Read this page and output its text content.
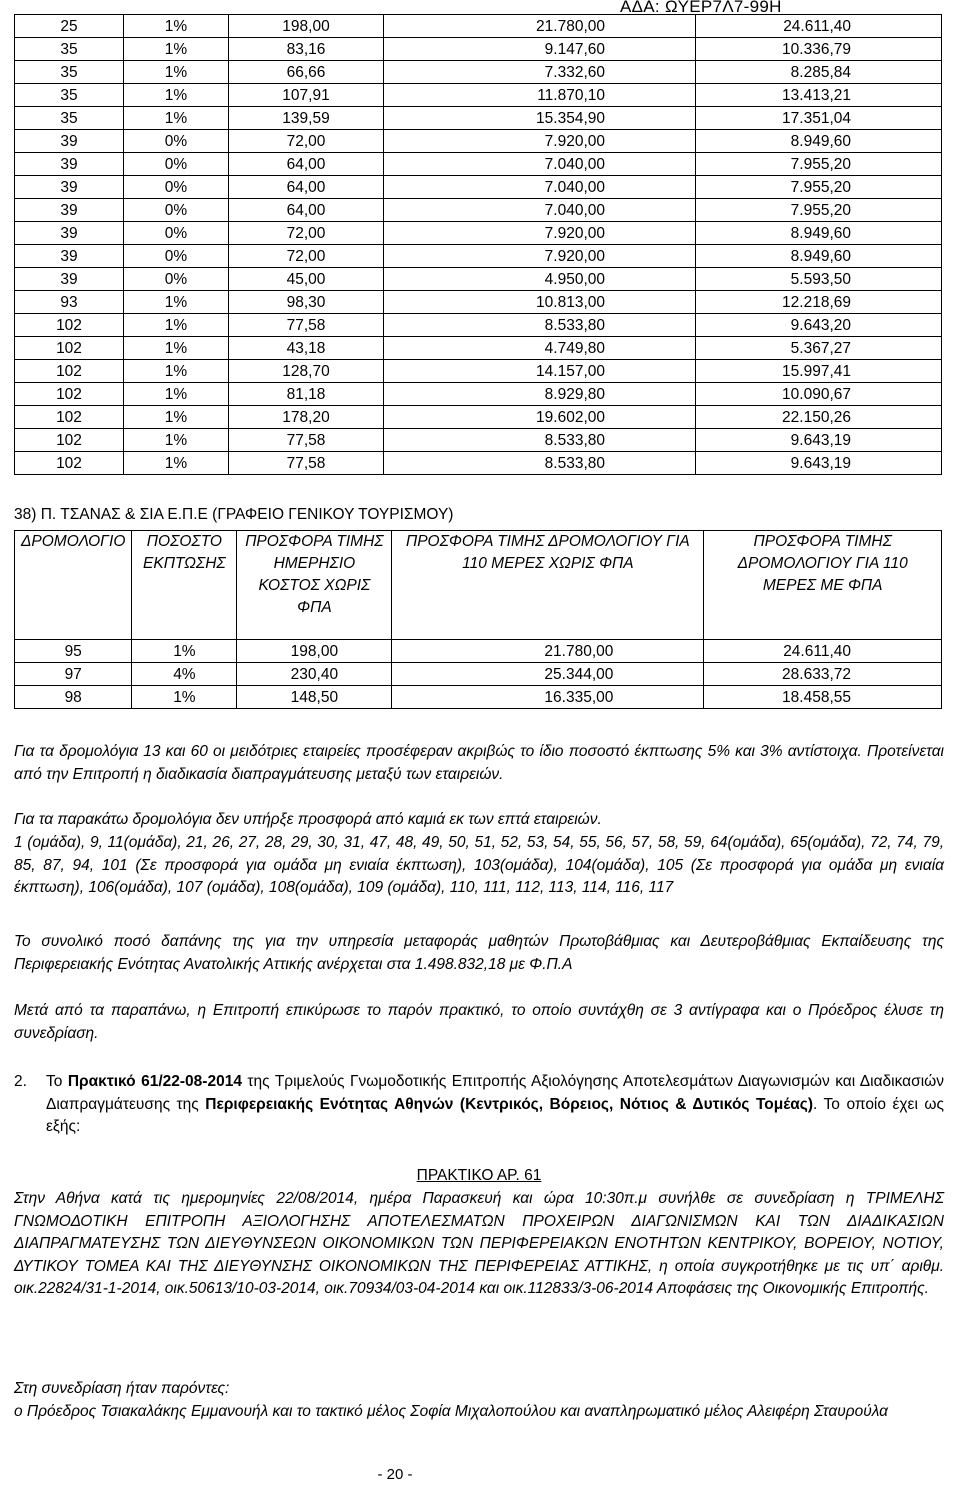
ΑΔΑ: ΩΥΕΡ7Λ7-99Η
25	1%	198,00	21.780,00	24.611,40
35	1%	83,16	9.147,60	10.336,79
35	1%	66,66	7.332,60	8.285,84
35	1%	107,91	11.870,10	13.413,21
35	1%	139,59	15.354,90	17.351,04
39	0%	72,00	7.920,00	8.949,60
39	0%	64,00	7.040,00	7.955,20
39	0%	64,00	7.040,00	7.955,20
39	0%	64,00	7.040,00	7.955,20
39	0%	72,00	7.920,00	8.949,60
39	0%	72,00	7.920,00	8.949,60
39	0%	45,00	4.950,00	5.593,50
93	1%	98,30	10.813,00	12.218,69
102	1%	77,58	8.533,80	9.643,20
102	1%	43,18	4.749,80	5.367,27
102	1%	128,70	14.157,00	15.997,41
102	1%	81,18	8.929,80	10.090,67
102	1%	178,20	19.602,00	22.150,26
102	1%	77,58	8.533,80	9.643,19
102	1%	77,58	8.533,80	9.643,19
38) Π. ΤΣΑΝΑΣ & ΣΙΑ Ε.Π.Ε (ΓΡΑΦΕΙΟ ΓΕΝΙΚΟΥ ΤΟΥΡΙΣΜΟΥ)
ΔΡΟΜΟΛΟΓΙΟ	ΠΟΣΟΣΤΟ ΕΚΠΤΩΣΗΣ	ΠΡΟΣΦΟΡΑ ΤΙΜΗΣ ΗΜΕΡΗΣΙΟ ΚΟΣΤΟΣ ΧΩΡΙΣ ΦΠΑ	ΠΡΟΣΦΟΡΑ ΤΙΜΗΣ ΔΡΟΜΟΛΟΓΙΟΥ ΓΙΑ 110 ΜΕΡΕΣ ΧΩΡΙΣ ΦΠΑ	ΠΡΟΣΦΟΡΑ ΤΙΜΗΣ ΔΡΟΜΟΛΟΓΙΟΥ ΓΙΑ 110 ΜΕΡΕΣ ΜΕ ΦΠΑ
95	1%	198,00	21.780,00	24.611,40
97	4%	230,40	25.344,00	28.633,72
98	1%	148,50	16.335,00	18.458,55
Για τα δρομολόγια 13 και 60 οι μειδότριες εταιρείες προσέφεραν ακριβώς το ίδιο ποσοστό έκπτωσης 5% και 3% αντίστοιχα. Προτείνεται από την Επιτροπή η διαδικασία διαπραγμάτευσης μεταξύ των εταιρειών.
Για τα παρακάτω δρομολόγια δεν υπήρξε προσφορά από καμιά εκ των επτά εταιρειών.
1 (ομάδα), 9, 11(ομάδα), 21, 26, 27, 28, 29, 30, 31, 47, 48, 49, 50, 51, 52, 53, 54, 55, 56, 57, 58, 59, 64(ομάδα), 65(ομάδα), 72, 74, 79, 85, 87, 94, 101 (Σε προσφορά για ομάδα μη ενιαία έκπτωση), 103(ομάδα), 104(ομάδα), 105 (Σε προσφορά για ομάδα μη ενιαία έκπτωση), 106(ομάδα), 107 (ομάδα), 108(ομάδα), 109 (ομάδα), 110, 111, 112, 113, 114, 116, 117
Το συνολικό ποσό δαπάνης της για την υπηρεσία μεταφοράς μαθητών Πρωτοβάθμιας και Δευτεροβάθμιας Εκπαίδευσης της Περιφερειακής Ενότητας Ανατολικής Αττικής ανέρχεται στα 1.498.832,18 με Φ.Π.Α
Μετά από τα παραπάνω, η Επιτροπή επικύρωσε το παρόν πρακτικό, το οποίο συντάχθη σε 3 αντίγραφα και ο Πρόεδρος έλυσε τη συνεδρίαση.
2.	Το Πρακτικό 61/22-08-2014 της Τριμελούς Γνωμοδοτικής Επιτροπής Αξιολόγησης Αποτελεσμάτων Διαγωνισμών και Διαδικασιών Διαπραγμάτευσης της Περιφερειακής Ενότητας Αθηνών (Κεντρικός, Βόρειος, Νότιος & Δυτικός Τομέας). Το οποίο έχει ως εξής:
ΠΡΑΚΤΙΚΟ ΑΡ. 61
Στην Αθήνα κατά τις ημερομηνίες 22/08/2014, ημέρα Παρασκευή και ώρα 10:30π.μ συνήλθε σε συνεδρίαση η ΤΡΙΜΕΛΗΣ ΓΝΩΜΟΔΟΤΙΚΗ ΕΠΙΤΡΟΠΗ ΑΞΙΟΛΟΓΗΣΗΣ ΑΠΟΤΕΛΕΣΜΑΤΩΝ ΠΡΟΧΕΙΡΩΝ ΔΙΑΓΩΝΙΣΜΩΝ ΚΑΙ ΤΩΝ ΔΙΑΔΙΚΑΣΙΩΝ ΔΙΑΠΡΑΓΜΑΤΕΥΣΗΣ ΤΩΝ ΔΙΕΥΘΥΝΣΕΩΝ ΟΙΚΟΝΟΜΙΚΩΝ ΤΩΝ ΠΕΡΙΦΕΡΕΙΑΚΩΝ ΕΝΟΤΗΤΩΝ ΚΕΝΤΡΙΚΟΥ, ΒΟΡΕΙΟΥ, ΝΟΤΙΟΥ, ΔΥΤΙΚΟΥ ΤΟΜΕΑ ΚΑΙ ΤΗΣ ΔΙΕΥΘΥΝΣΗΣ ΟΙΚΟΝΟΜΙΚΩΝ ΤΗΣ ΠΕΡΙΦΕΡΕΙΑΣ ΑΤΤΙΚΗΣ, η οποία συγκροτήθηκε με τις υπ΄ αριθμ. οικ.22824/31-1-2014, οικ.50613/10-03-2014, οικ.70934/03-04-2014 και οικ.112833/3-06-2014 Αποφάσεις της Οικονομικής Επιτροπής.
Στη συνεδρίαση ήταν παρόντες:
ο Πρόεδρος Τσιακαλάκης Εμμανουήλ και το τακτικό μέλος Σοφία Μιχαλοπούλου και αναπληρωματικό μέλος Αλειφέρη Σταυρούλα
- 20 -
